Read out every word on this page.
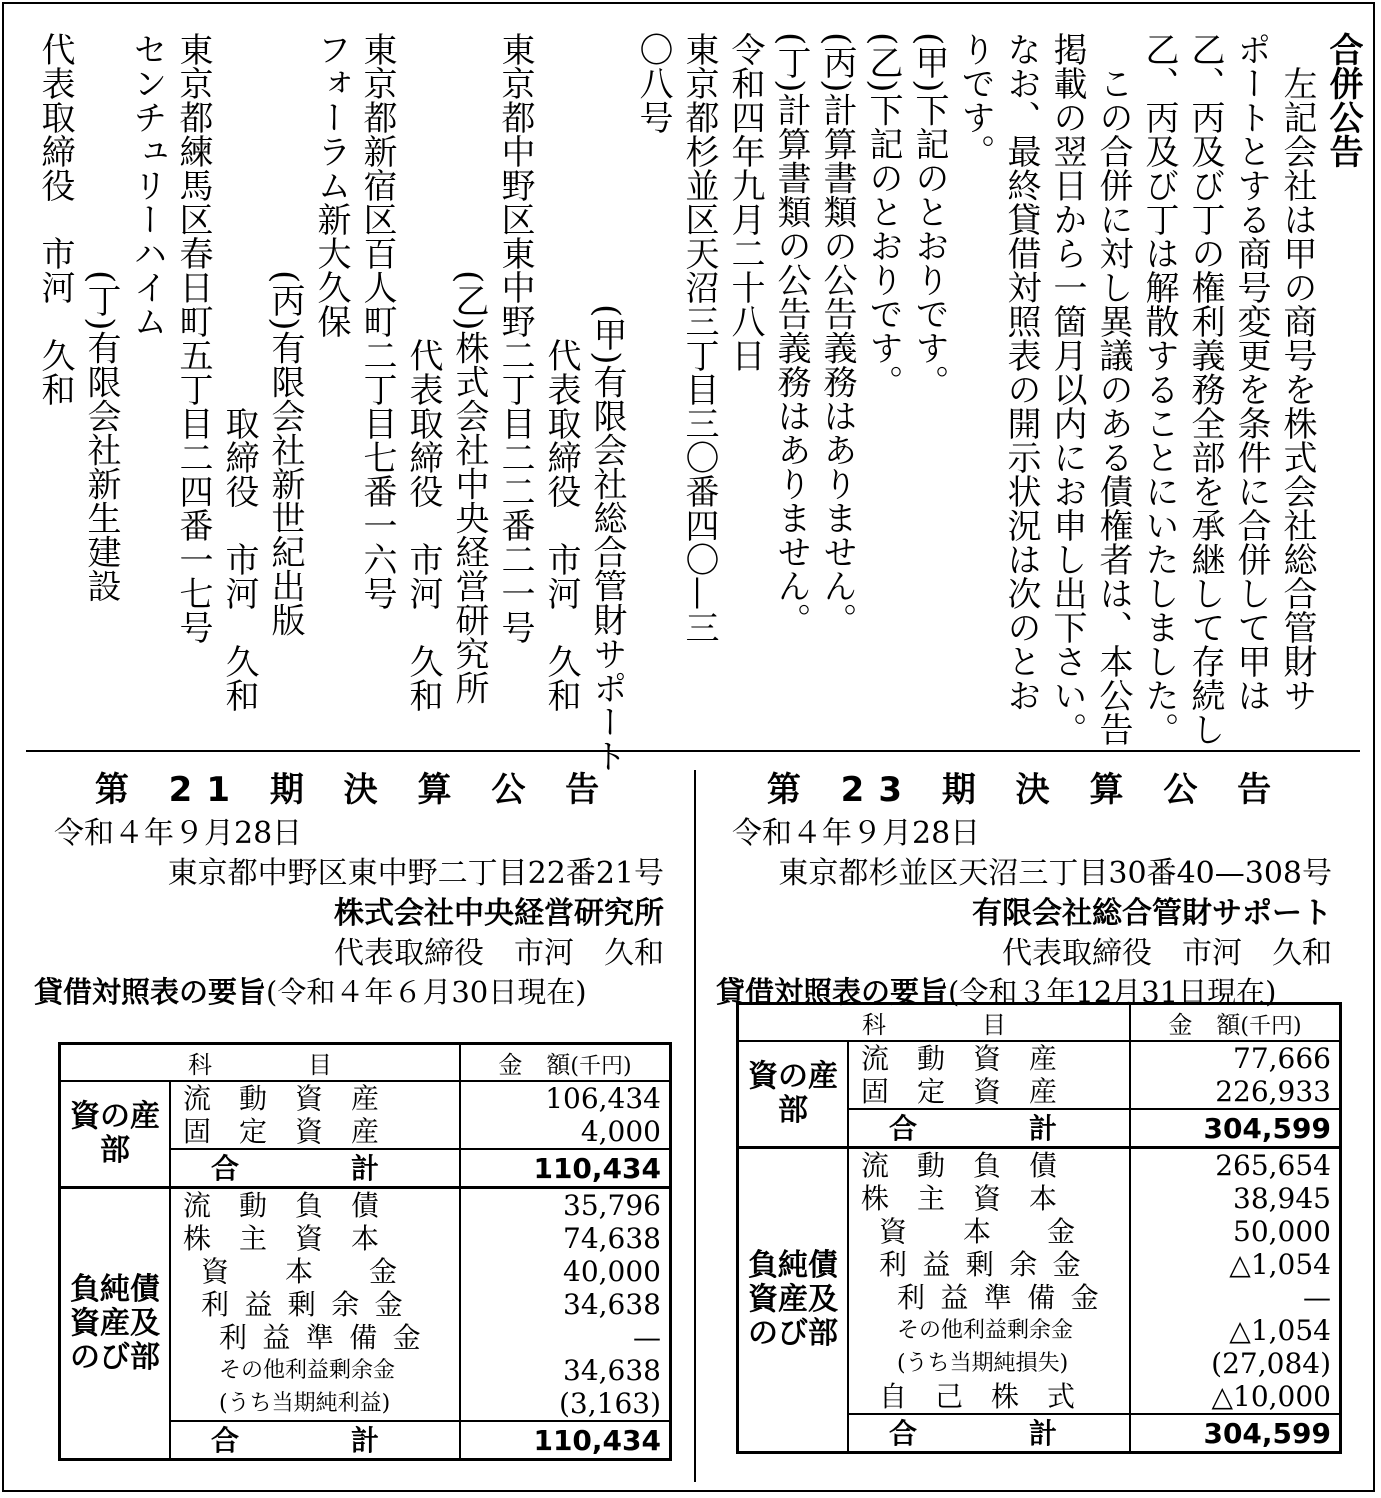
合併公告

左記会社は甲の商号を株式会社総合管財サ

ポートとする商号変更を条件に合併して甲は

乙、丙及び丁の権利義務全部を承継して存続し

乙、丙及び丁は解散することにいたしました。

この合併に対し異議のある債権者は、本公告

掲載の翌日から一箇月以内にお申し出下さい。

なお、最終貸借対照表の開示状況は次のとお

りです。

(甲)下記のとおりです。

(乙)下記のとおりです。

(丙)計算書類の公告義務はありません。

(丁)計算書類の公告義務はありません。

令和四年九月二十八日

東京都杉並区天沼三丁目三〇番四〇—三

〇八号

(甲)有限会社総合管財サポート

代表取締役　市河　久和

東京都中野区東中野二丁目二二番二一号

(乙)株式会社中央経営研究所

代表取締役　市河　久和

東京都新宿区百人町二丁目七番一六号

フォーラム新大久保

(丙)有限会社新世紀出版

取締役　市河　久和

東京都練馬区春日町五丁目二四番一七号

センチュリーハイム

(丁)有限会社新生建設

代表取締役　市河　久和

第 21 期 決 算 公 告
令和４年９月28日
東京都中野区東中野二丁目22番21号
株式会社中央経営研究所
代表取締役　市河　久和
貸借対照表の要旨(令和４年６月30日現在)
科　　　　目		金　額(千円)
資の産部	流　動　資　産	106,434
	固　定　資　産	4,000
	合　　　　計	110,434
負純債資産及のび部	流　動　負　債	35,796
	株　主　資　本	74,638
	資　　本　　金	40,000
	利益剰余金	34,638
	利益準備金	—
	その他利益剰余金	34,638
	(うち当期純利益)	(3,163)
	合　　　　計	110,434
第 23 期 決 算 公 告
令和４年９月28日
東京都杉並区天沼三丁目30番40—308号
有限会社総合管財サポート
代表取締役　市河　久和
貸借対照表の要旨(令和３年12月31日現在)
科　　　　目		金　額(千円)
資の産部	流　動　資　産	77,666
	固　定　資　産	226,933
	合　　　　計	304,599
負純債資産及のび部	流　動　負　債	265,654
	株　主　資　本	38,945
	資　　本　　金	50,000
	利益剰余金	△1,054
	利益準備金	—
	その他利益剰余金	△1,054
	(うち当期純損失)	(27,084)
	自　己　株　式	△10,000
	合　　　　計	304,599
